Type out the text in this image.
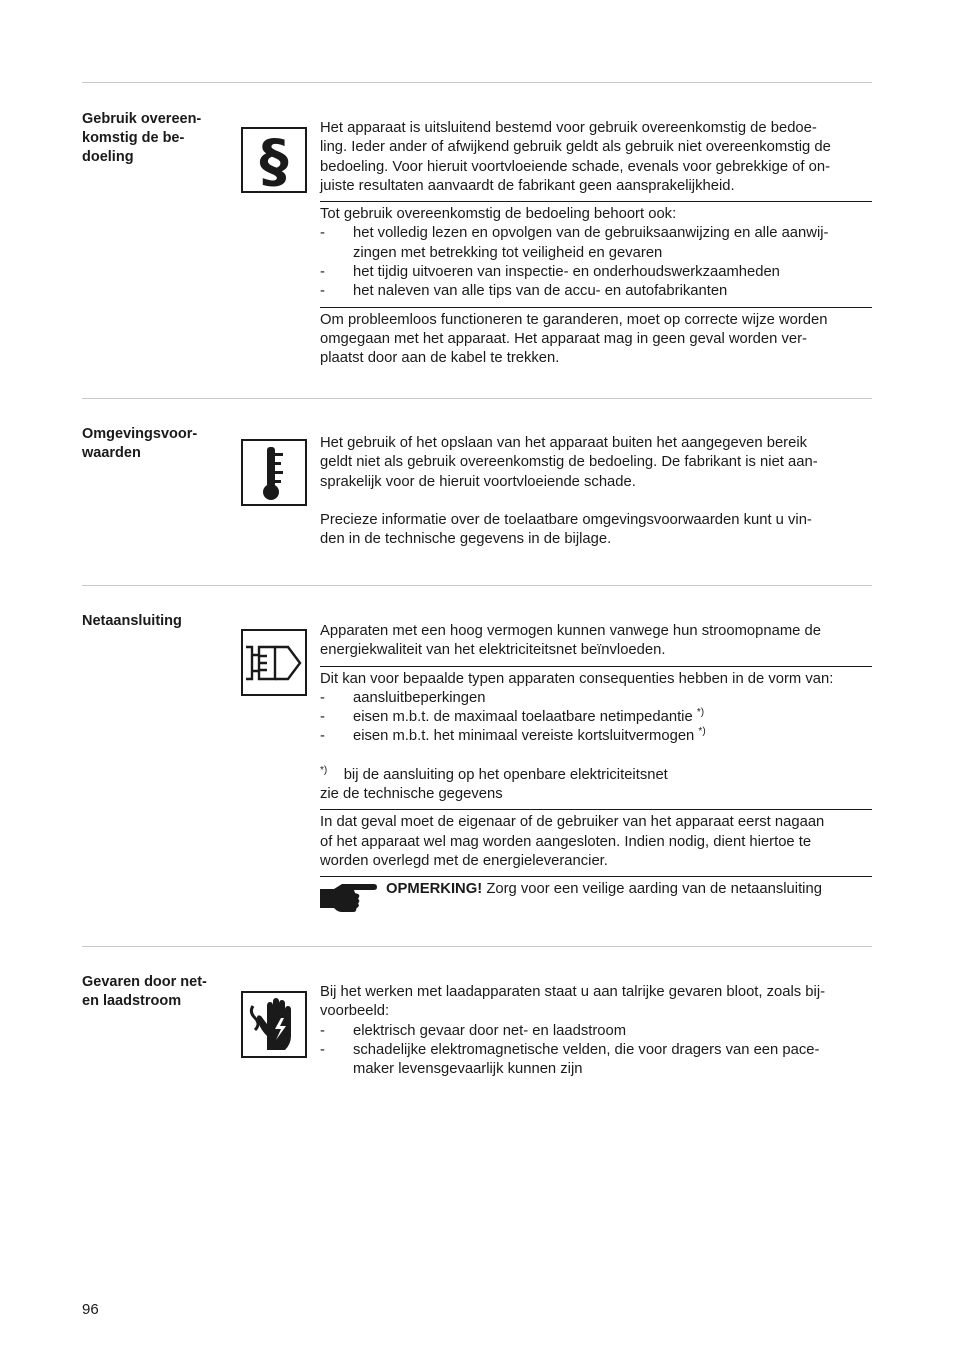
Gebruik overeen-
komstig de be-
doeling	§ Het apparaat is uitsluitend bestemd voor gebruik overeenkomstig de bedoe-
ling. Ieder ander of afwijkend gebruik geldt als gebruik niet overeenkomstig de
bedoeling. Voor hieruit voortvloeiende schade, evenals voor gebrekkige of on-
juiste resultaten aanvaardt de fabrikant geen aansprakelijkheid.

Tot gebruik overeenkomstig de bedoeling behoort ook:
- het volledig lezen en opvolgen van de gebruiksaanwijzing en alle aanwij-
zingen met betrekking tot veiligheid en gevaren
- het tijdig uitvoeren van inspectie- en onderhoudswerkzaamheden
- het naleven van alle tips van de accu- en autofabrikanten
Om probleemloos functioneren te garanderen, moet op correcte wijze worden
omgegaan met het apparaat. Het apparaat mag in geen geval worden ver-
plaatst door aan de kabel te trekken.
Omgevingsvoor-
waarden

Het gebruik of het opslaan van het apparaat buiten het aangegeven bereik
geldt niet als gebruik overeenkomstig de bedoeling. De fabrikant is niet aan-
sprakelijk voor de hieruit voortvloeiende schade.

Precieze informatie over de toelaatbare omgevingsvoorwaarden kunt u vin-
den in de technische gegevens in de bijlage.

Netaansluiting

Apparaten met een hoog vermogen kunnen vanwege hun stroomopname de
energiekwaliteit van het elektriciteitsnet beïnvloeden.

Dit kan voor bepaalde typen apparaten consequenties hebben in de vorm van:
- aansluitbeperkingen
- eisen m.b.t. de maximaal toelaatbare netimpedantie *)
- eisen m.b.t. het minimaal vereiste kortsluitvermogen *)
*) bij de aansluiting op het openbare elektriciteitsnet
zie de technische gegevens
In dat geval moet de eigenaar of de gebruiker van het apparaat eerst nagaan
of het apparaat wel mag worden aangesloten. Indien nodig, dient hiertoe te
worden overlegd met de energieleverancier.
OPMERKING! Zorg voor een veilige aarding van de netaansluiting
Gevaren door net-
en laadstroom

Bij het werken met laadapparaten staat u aan talrijke gevaren bloot, zoals bij-
voorbeeld:

- elektrisch gevaar door net- en laadstroom
- schadelijke elektromagnetische velden, die voor dragers van een pace-
maker levensgevaarlijk kunnen zijn
96
